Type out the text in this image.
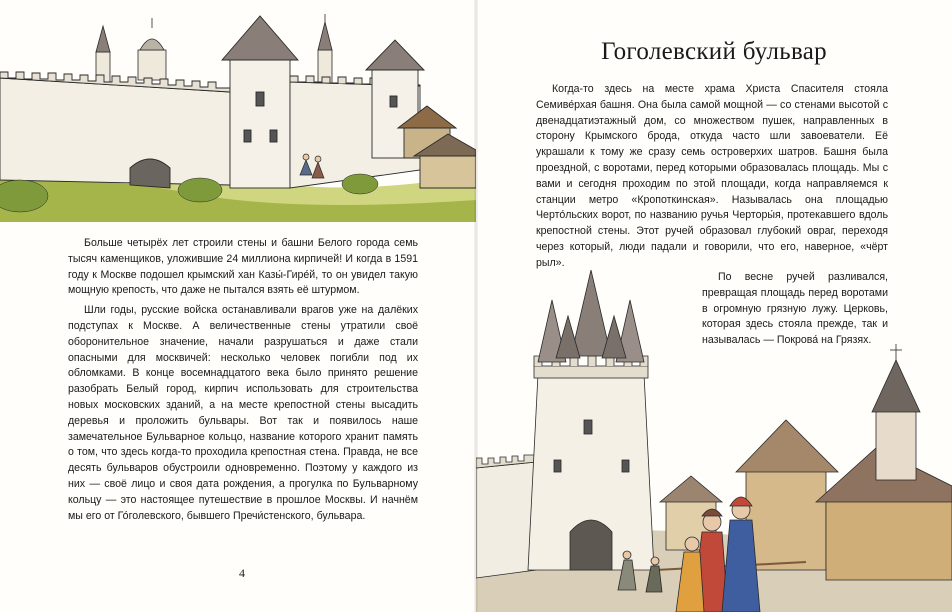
Больше четырёх лет строили стены и башни Белого города семь тысяч каменщиков, уложившие 24 миллиона кирпичей! И когда в 1591 году к Москве подошел крымский хан Казы́-Гире́й, то он увидел такую мощную крепость, что даже не пытался взять её штурмом.

Шли годы, русские войска останавливали врагов уже на далёких подступах к Москве. А величественные стены утратили своё оборонительное значение, начали разрушаться и даже стали опасными для москвичей: несколько человек погибли под их обломками. В конце восемнадцатого века было принято решение разобрать Белый город, кирпич использовать для строительства новых московских зданий, а на месте крепостной стены высадить деревья и проложить бульвары. Вот так и появилось наше замечательное Бульварное кольцо, название которого хранит память о том, что здесь когда-то проходила крепостная стена. Правда, не все десять бульваров обустроили одновременно. Поэтому у каждого из них — своё лицо и своя дата рождения, а прогулка по Бульварному кольцу — это настоящее путешествие в прошлое Москвы. И начнём мы его от Го́голевского, бывшего Пречи́стенского, бульвара.

4
Гоголевский бульвар

Когда-то здесь на месте храма Христа Спасителя стояла Семиве́рхая башня. Она была самой мощной — со стенами высотой с двенадцатиэтажный дом, со множеством пушек, направленных в сторону Крымского брода, откуда часто шли завоеватели. Её украшали к тому же сразу семь островерхих шатров. Башня была проездной, с воротами, перед которыми образовалась площадь. Мы с вами и сегодня проходим по этой площади, когда направляемся к станции метро «Кропоткинская». Называлась она площадью Черто́льских ворот, по названию ручья Черторы́я, протекавшего вдоль крепостной стены. Этот ручей образовал глубокий овраг, переходя через который, люди падали и говорили, что его, наверное, «чёрт рыл».

По весне ручей разливался, превращая площадь перед воротами в огромную грязную лужу. Церковь, которая здесь стояла прежде, так и называлась — Покрова́ на Грязях.
